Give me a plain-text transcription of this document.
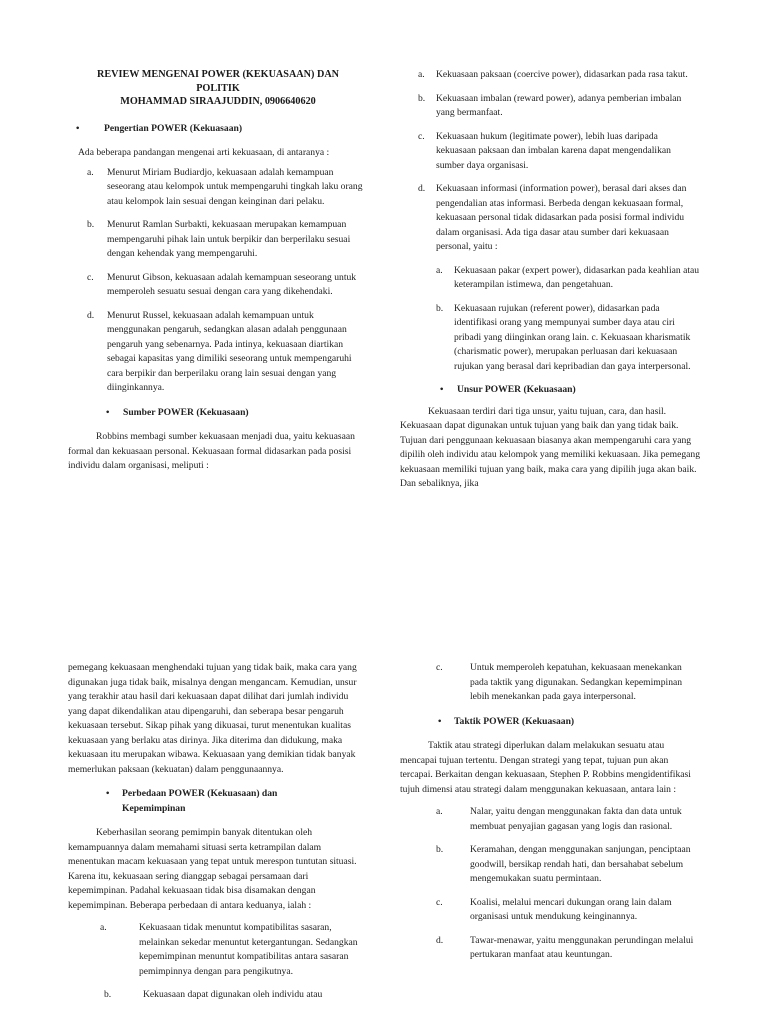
REVIEW MENGENAI POWER (KEKUASAAN) DAN
POLITIK
MOHAMMAD SIRAAJUDDIN, 0906640620
•	Pengertian POWER (Kekuasaan)
Ada beberapa pandangan mengenai arti kekuasaan, di antaranya :
a. Menurut Miriam Budiardjo, kekuasaan adalah kemampuan seseorang atau kelompok untuk mempengaruhi tingkah laku orang atau kelompok lain sesuai dengan keinginan dari pelaku.
b. Menurut Ramlan Surbakti, kekuasaan merupakan kemampuan mempengaruhi pihak lain untuk berpikir dan berperilaku sesuai dengan kehendak yang mempengaruhi.
c. Menurut Gibson, kekuasaan adalah kemampuan seseorang untuk memperoleh sesuatu sesuai dengan cara yang dikehendaki.
d. Menurut Russel, kekuasaan adalah kemampuan untuk menggunakan pengaruh, sedangkan alasan adalah penggunaan pengaruh yang sebenarnya. Pada intinya, kekuasaan diartikan sebagai kapasitas yang dimiliki seseorang untuk mempengaruhi cara berpikir dan berperilaku orang lain sesuai dengan yang diinginkannya.
• Sumber POWER (Kekuasaan)
Robbins membagi sumber kekuasaan menjadi dua, yaitu kekuasaan formal dan kekuasaan personal. Kekuasaan formal didasarkan pada posisi individu dalam organisasi, meliputi :
a. Kekuasaan paksaan (coercive power), didasarkan pada rasa takut.
b. Kekuasaan imbalan (reward power), adanya pemberian imbalan yang bermanfaat.
c. Kekuasaan hukum (legitimate power), lebih luas daripada kekuasaan paksaan dan imbalan karena dapat mengendalikan sumber daya organisasi.
d. Kekuasaan informasi (information power), berasal dari akses dan pengendalian atas informasi. Berbeda dengan kekuasaan formal, kekuasaan personal tidak didasarkan pada posisi formal individu dalam organisasi. Ada tiga dasar atau sumber dari kekuasaan personal, yaitu :
a. Kekuasaan pakar (expert power), didasarkan pada keahlian atau keterampilan istimewa, dan pengetahuan.
b. Kekuasaan rujukan (referent power), didasarkan pada identifikasi orang yang mempunyai sumber daya atau ciri pribadi yang diinginkan orang lain. c. Kekuasaan kharismatik (charismatic power), merupakan perluasan dari kekuasaan rujukan yang berasal dari kepribadian dan gaya interpersonal.
• Unsur POWER (Kekuasaan)
Kekuasaan terdiri dari tiga unsur, yaitu tujuan, cara, dan hasil. Kekuasaan dapat digunakan untuk tujuan yang baik dan yang tidak baik. Tujuan dari penggunaan kekuasaan biasanya akan mempengaruhi cara yang dipilih oleh individu atau kelompok yang memiliki kekuasaan. Jika pemegang kekuasaan memiliki tujuan yang baik, maka cara yang dipilih juga akan baik. Dan sebaliknya, jika
pemegang kekuasaan menghendaki tujuan yang tidak baik, maka cara yang digunakan juga tidak baik, misalnya dengan mengancam. Kemudian, unsur yang terakhir atau hasil dari kekuasaan dapat dilihat dari jumlah individu yang dapat dikendalikan atau dipengaruhi, dan seberapa besar pengaruh kekuasaan tersebut. Sikap pihak yang dikuasai, turut menentukan kualitas kekuasaan yang berlaku atas dirinya. Jika diterima dan didukung, maka kekuasaan itu merupakan wibawa. Kekuasaan yang demikian tidak banyak memerlukan paksaan (kekuatan) dalam penggunaannya.
• Perbedaan POWER (Kekuasaan) dan
Kepemimpinan
Keberhasilan seorang pemimpin banyak ditentukan oleh kemampuannya dalam memahami situasi serta ketrampilan dalam menentukan macam kekuasaan yang tepat untuk merespon tuntutan situasi. Karena itu, kekuasaan sering dianggap sebagai persamaan dari kepemimpinan. Padahal kekuasaan tidak bisa disamakan dengan kepemimpinan. Beberapa perbedaan di antara keduanya, ialah :
a.	Kekuasaan tidak menuntut kompatibilitas sasaran, melainkan sekedar menuntut ketergantungan. Sedangkan kepemimpinan menuntut kompatibilitas antara sasaran pemimpinnya dengan para pengikutnya.
b.	Kekuasaan dapat digunakan oleh individu atau
c.	Untuk memperoleh kepatuhan, kekuasaan menekankan pada taktik yang digunakan. Sedangkan kepemimpinan lebih menekankan pada gaya interpersonal.
• Taktik POWER (Kekuasaan)
Taktik atau strategi diperlukan dalam melakukan sesuatu atau mencapai tujuan tertentu. Dengan strategi yang tepat, tujuan pun akan tercapai. Berkaitan dengan kekuasaan, Stephen P. Robbins mengidentifikasi tujuh dimensi atau strategi dalam menggunakan kekuasaan, antara lain :
a.	Nalar, yaitu dengan menggunakan fakta dan data untuk membuat penyajian gagasan yang logis dan rasional.
b.	Keramahan, dengan menggunakan sanjungan, penciptaan goodwill, bersikap rendah hati, dan bersahabat sebelum mengemukakan suatu permintaan.
c.	Koalisi, melalui mencari dukungan orang lain dalam organisasi untuk mendukung keinginannya.
d.	Tawar-menawar, yaitu menggunakan perundingan melalui pertukaran manfaat atau keuntungan.
